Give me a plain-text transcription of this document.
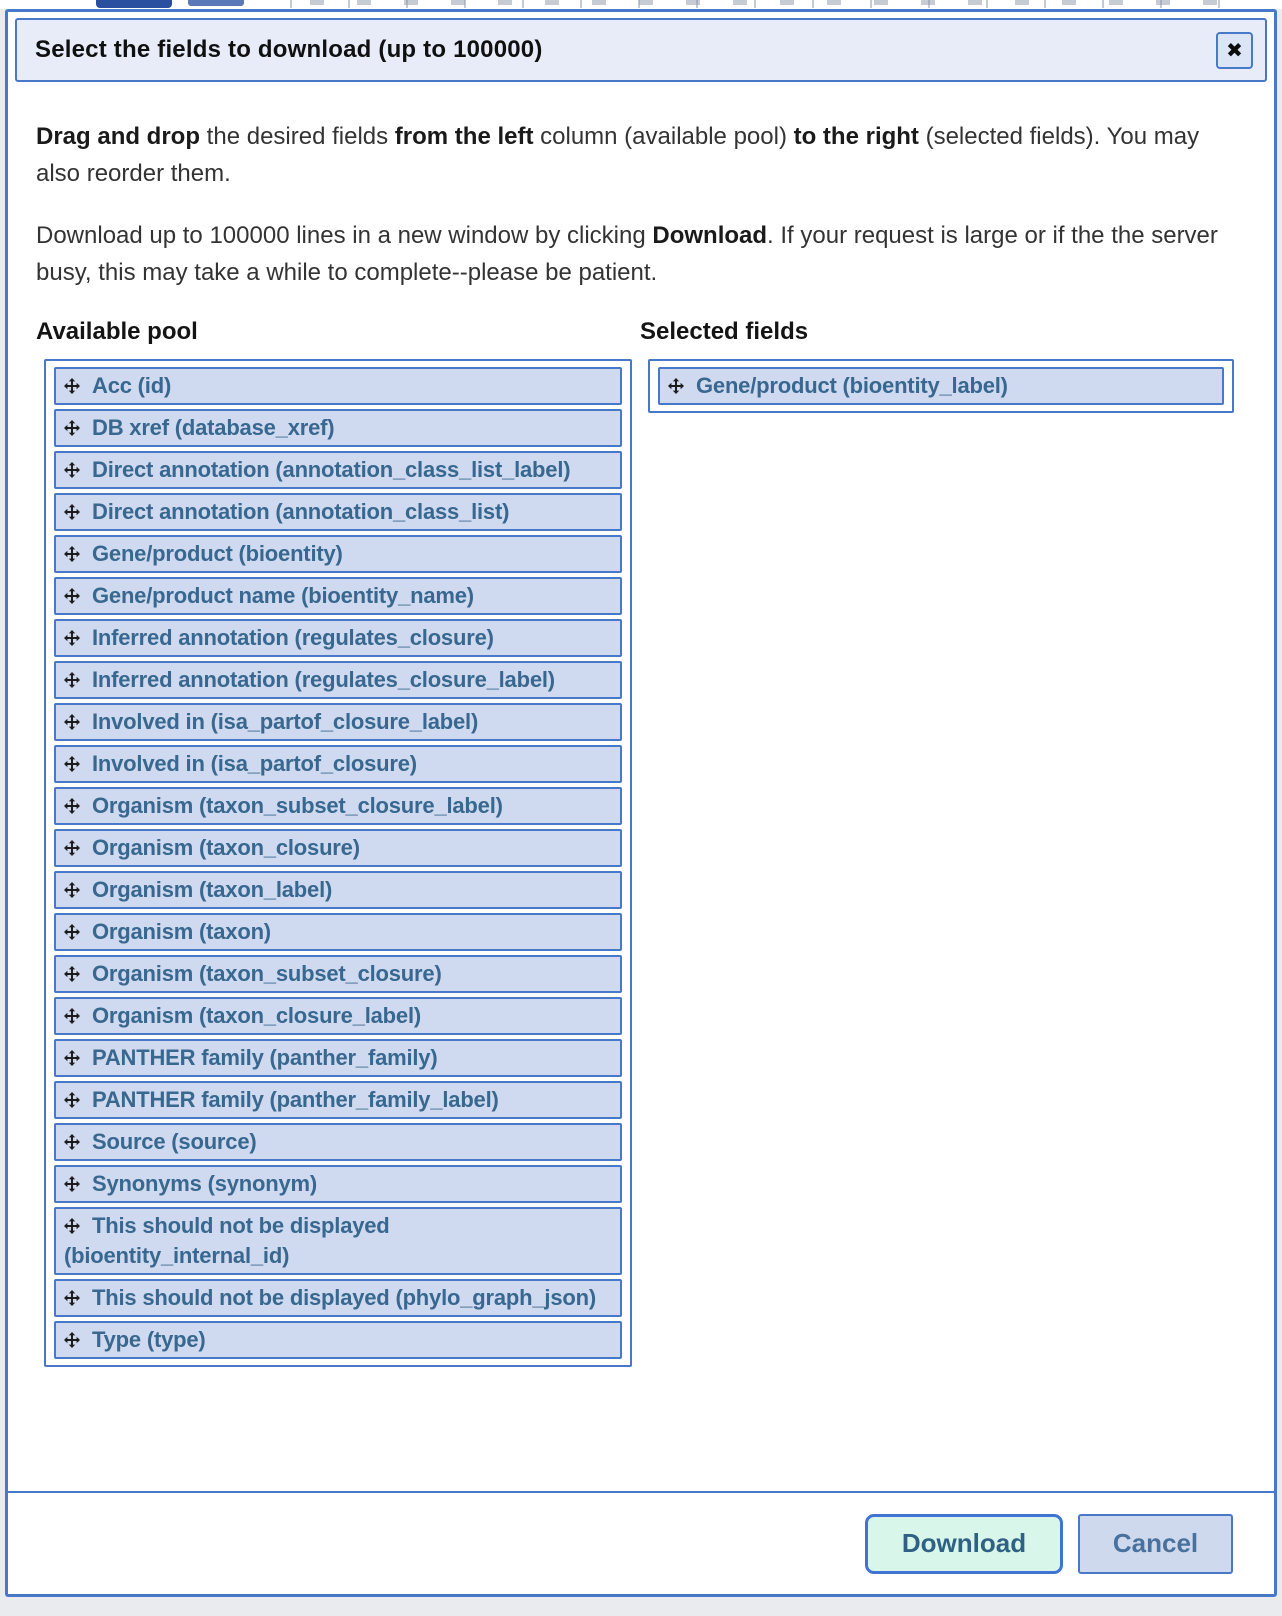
Select the fields to download (up to 100000)	✖

Drag and drop the desired fields from the left column (available pool) to the right (selected fields). You may also reorder them.

Download up to 100000 lines in a new window by clicking Download. If your request is large or if the the server busy, this may take a while to complete--please be patient.

Available pool
Acc (id)
DB xref (database_xref)
Direct annotation (annotation_class_list_label)
Direct annotation (annotation_class_list)
Gene/product (bioentity)
Gene/product name (bioentity_name)
Inferred annotation (regulates_closure)
Inferred annotation (regulates_closure_label)
Involved in (isa_partof_closure_label)
Involved in (isa_partof_closure)
Organism (taxon_subset_closure_label)
Organism (taxon_closure)
Organism (taxon_label)
Organism (taxon)
Organism (taxon_subset_closure)
Organism (taxon_closure_label)
PANTHER family (panther_family)
PANTHER family (panther_family_label)
Source (source)
Synonyms (synonym)
This should not be displayed (bioentity_internal_id)
This should not be displayed (phylo_graph_json)
Type (type)
Selected fields
Gene/product (bioentity_label)
Download	Cancel
